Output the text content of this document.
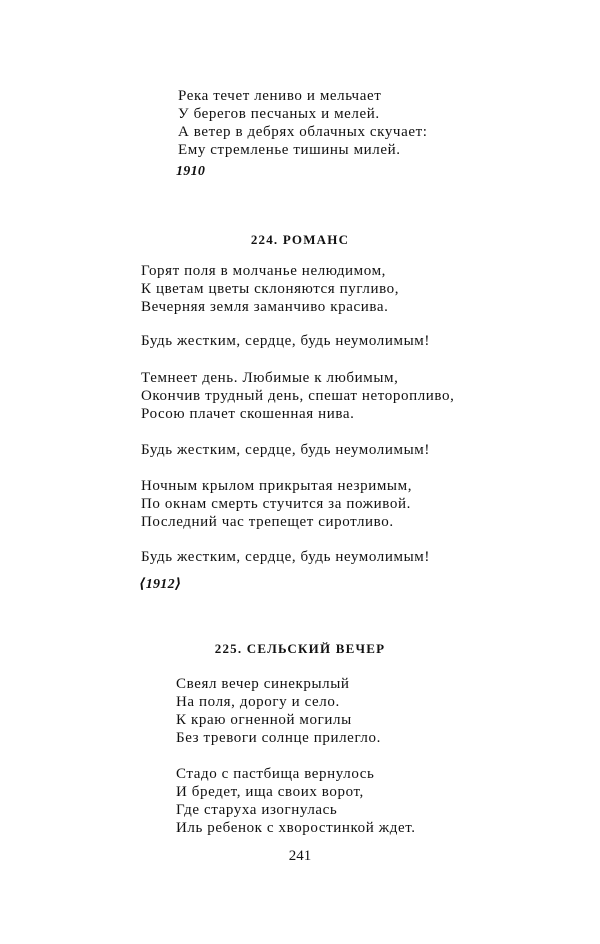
Река течет лениво и мельчает
У берегов песчаных и мелей.
А ветер в дебрях облачных скучает:
Ему стремленье тишины милей.
1910
224. РОМАНС
Горят поля в молчанье нелюдимом,
К цветам цветы склоняются пугливо,
Вечерняя земля заманчиво красива.
Будь жестким, сердце, будь неумолимым!
Темнеет день. Любимые к любимым,
Окончив трудный день, спешат неторопливо,
Росою плачет скошенная нива.
Будь жестким, сердце, будь неумолимым!
Ночным крылом прикрытая незримым,
По окнам смерть стучится за поживой.
Последний час трепещет сиротливо.
Будь жестким, сердце, будь неумолимым!
⟨1912⟩
225. СЕЛЬСКИЙ ВЕЧЕР
Свеял вечер синекрылый
На поля, дорогу и село.
К краю огненной могилы
Без тревоги солнце прилегло.
Стадо с пастбища вернулось
И бредет, ища своих ворот,
Где старуха изогнулась
Иль ребенок с хворостинкой ждет.
241
